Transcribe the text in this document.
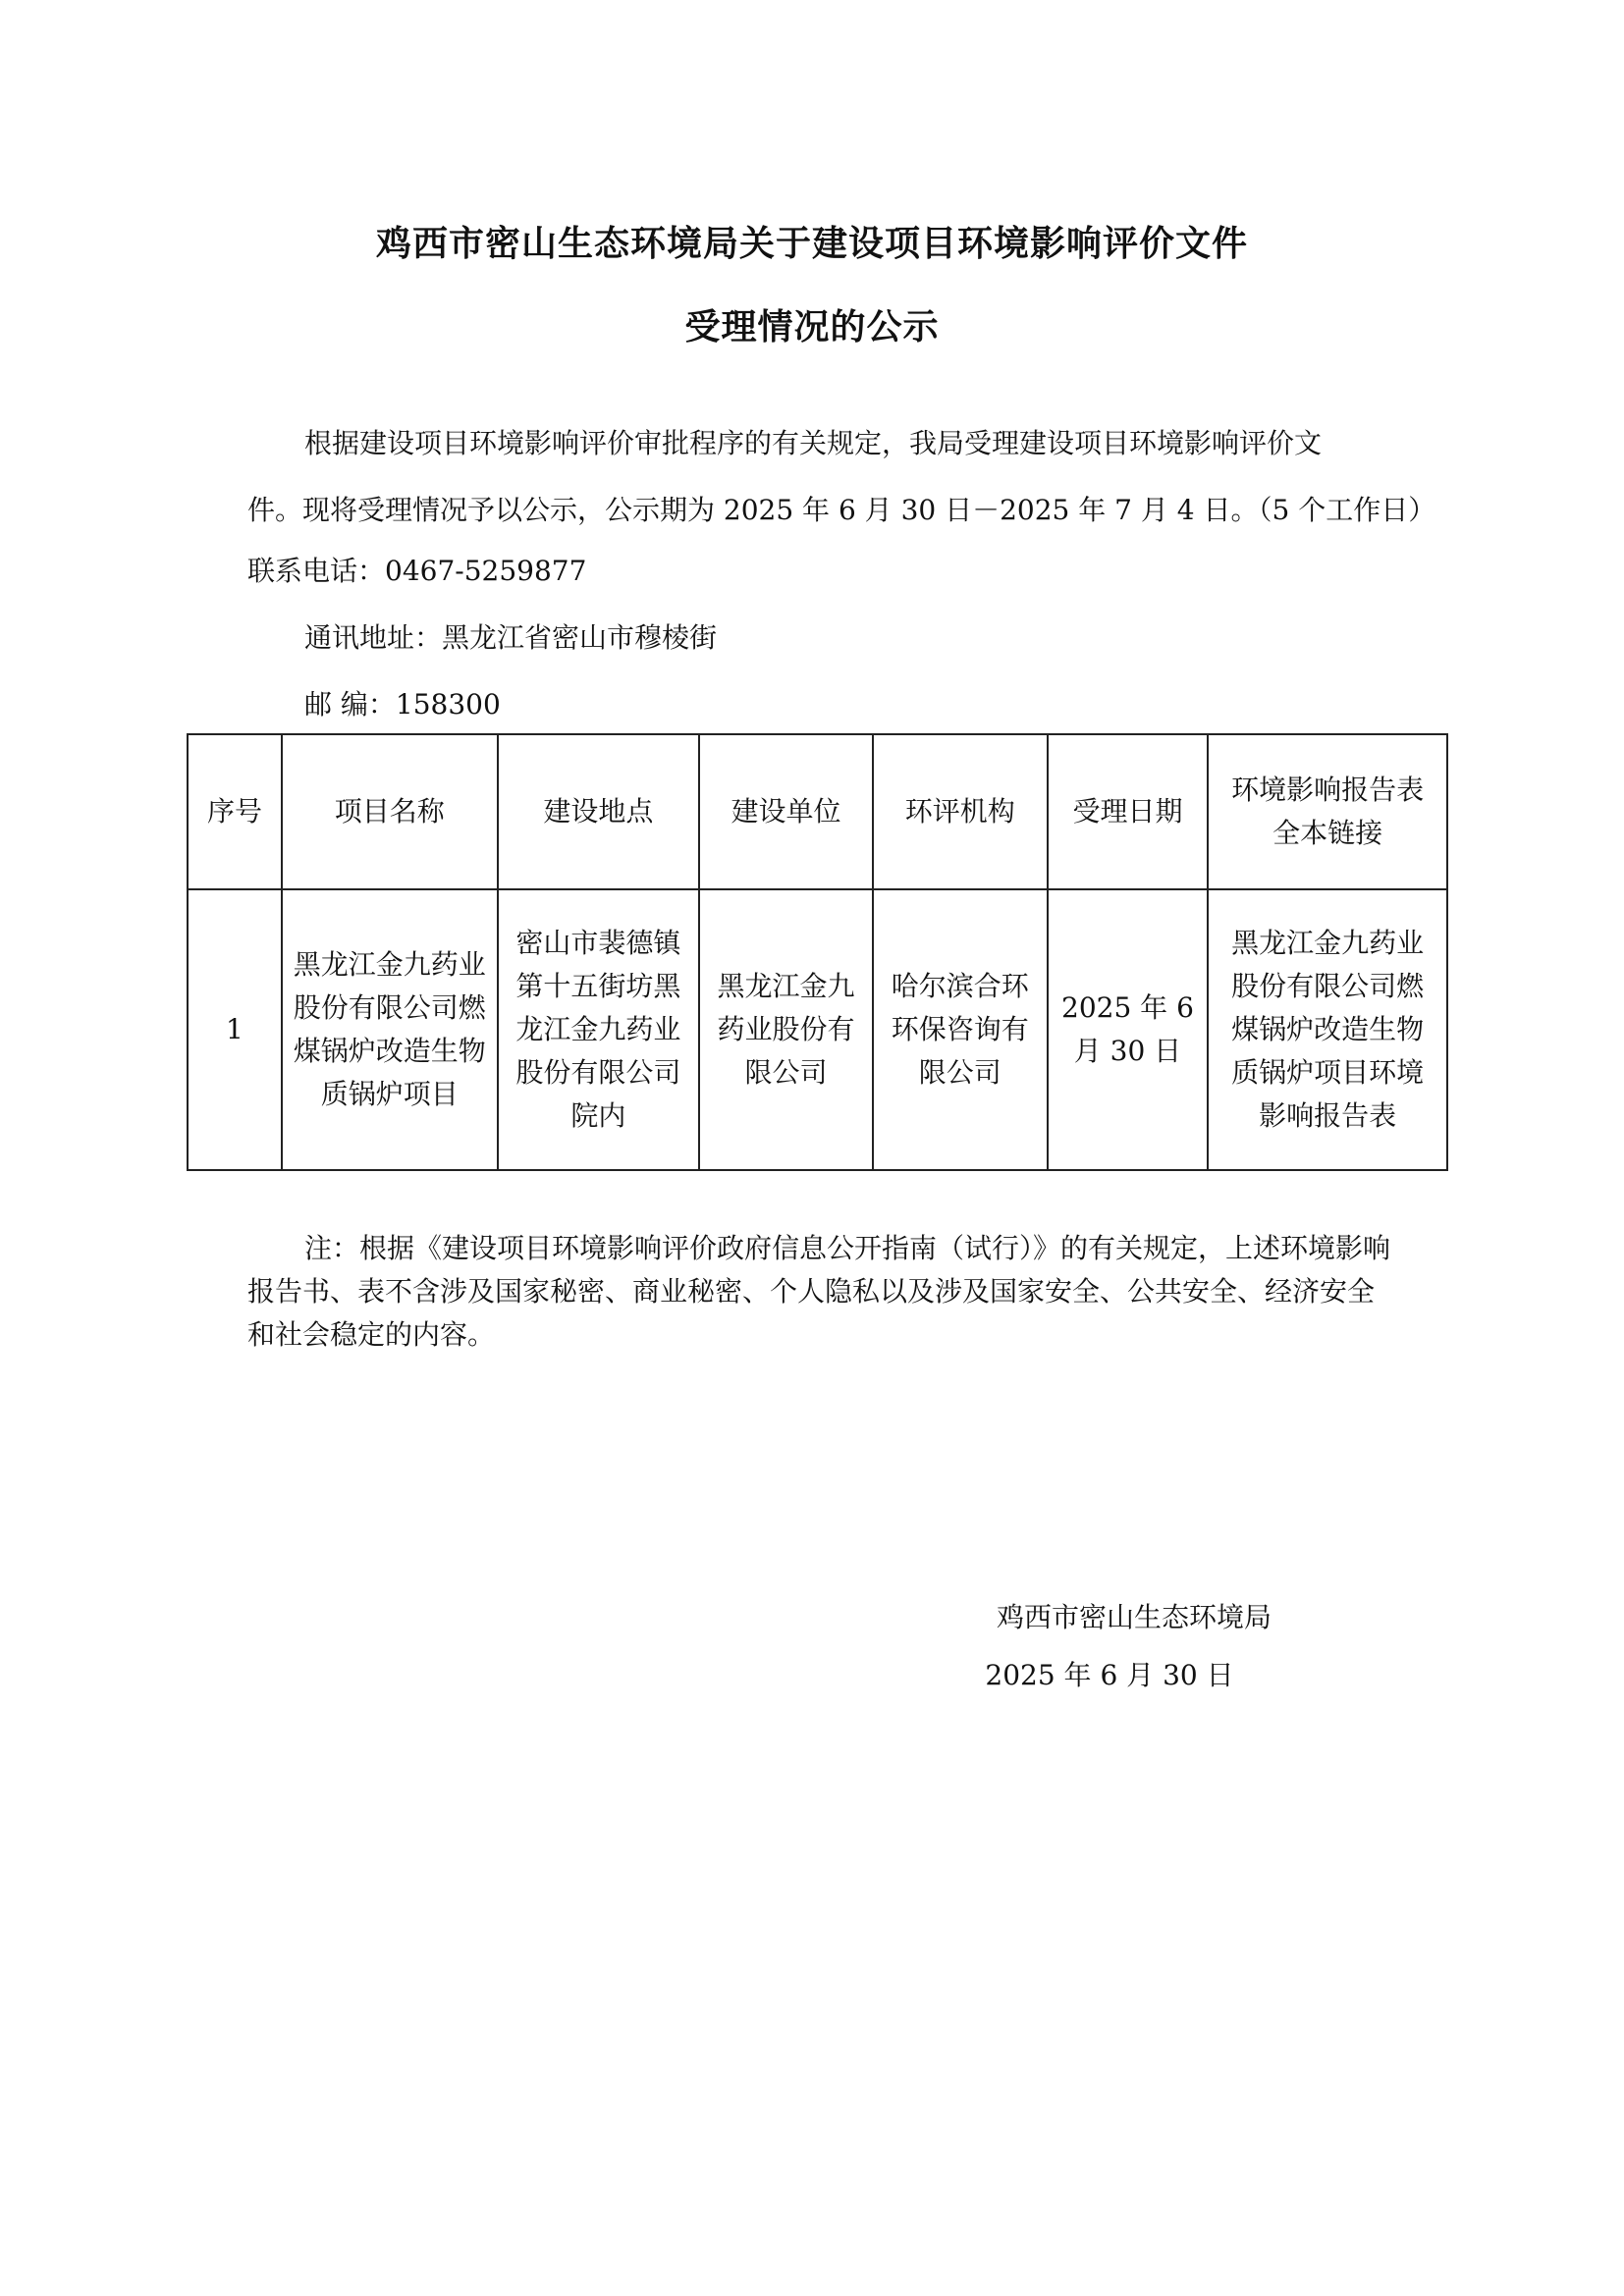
鸡西市密山生态环境局关于建设项目环境影响评价文件
受理情况的公示
根据建设项目环境影响评价审批程序的有关规定，我局受理建设项目环境影响评价文
件。现将受理情况予以公示，公示期为 2025 年 6 月 30 日－2025 年 7 月 4 日。（5 个工作日）
联系电话：0467-5259877
通讯地址：黑龙江省密山市穆棱街
邮 编：158300
序号	项目名称	建设地点	建设单位	环评机构	受理日期	环境影响报告表全本链接
1	黑龙江金九药业股份有限公司燃煤锅炉改造生物质锅炉项目	密山市裴德镇第十五街坊黑龙江金九药业股份有限公司院内	黑龙江金九药业股份有限公司	哈尔滨合环环保咨询有限公司	2025 年 6 月 30 日	黑龙江金九药业股份有限公司燃煤锅炉改造生物质锅炉项目环境影响报告表
注：根据《建设项目环境影响评价政府信息公开指南（试行）》的有关规定，上述环境影响报告书、表不含涉及国家秘密、商业秘密、个人隐私以及涉及国家安全、公共安全、经济安全和社会稳定的内容。
鸡西市密山生态环境局
2025 年 6 月 30 日
